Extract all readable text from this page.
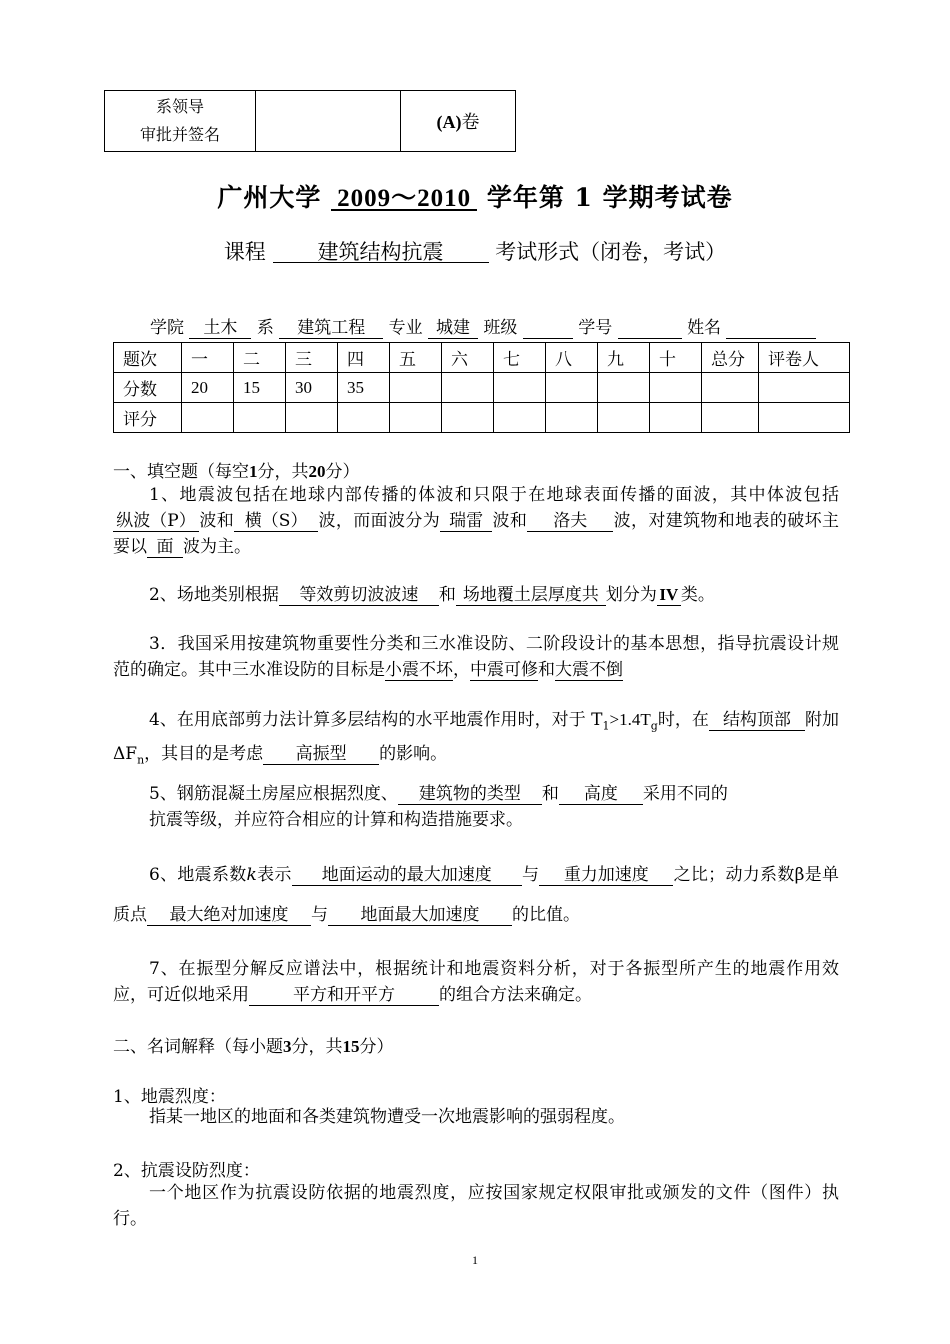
系领导
审批并签名
		(A)卷
广州大学 2009～2010 学年第 1 学期考试卷
课程 建筑结构抗震 考试形式（闭卷，考试）
学院 土木 系 建筑工程 专业 城建 班级	学号	姓名
题次	一	二	三	四	五	六	七	八	九	十	总分	评卷人
分数	20	15	30	35								
评分												
一、填空题（每空1分，共20分）
1、地震波包括在地球内部传播的体波和只限于在地球表面传播的面波，其中体波包括纵波（P） 波和 横（S） 波，而面波分为 瑞雷 波和 洛夫 波，对建筑物和地表的破坏主要以 面 波为主。
2、场地类别根据 等效剪切波波速 和 场地覆土层厚度共 划分为 IV 类。
3．我国采用按建筑物重要性分类和三水准设防、二阶段设计的基本思想，指导抗震设计规范的确定。其中三水准设防的目标是小震不坏，中震可修和大震不倒
4、在用底部剪力法计算多层结构的水平地震作用时，对于 $T_1>1.4T_g$时，在 结构顶部 附加$\Delta F_n$，其目的是考虑 高振型 的影响。
5、钢筋混凝土房屋应根据烈度、 建筑物的类型 和 高度 采用不同的
抗震等级，并应符合相应的计算和构造措施要求。
6、地震系数k表示 地面运动的最大加速度 与 重力加速度 之比；动力系数β是单质点 最大绝对加速度 与 地面最大加速度 的比值。
7、在振型分解反应谱法中，根据统计和地震资料分析，对于各振型所产生的地震作用效应，可近似地采用	平方和开平方	的组合方法来确定。
二、名词解释（每小题3分，共15分）
1、地震烈度：
指某一地区的地面和各类建筑物遭受一次地震影响的强弱程度。
2、抗震设防烈度：
一个地区作为抗震设防依据的地震烈度，应按国家规定权限审批或颁发的文件（图件）执行。
1
